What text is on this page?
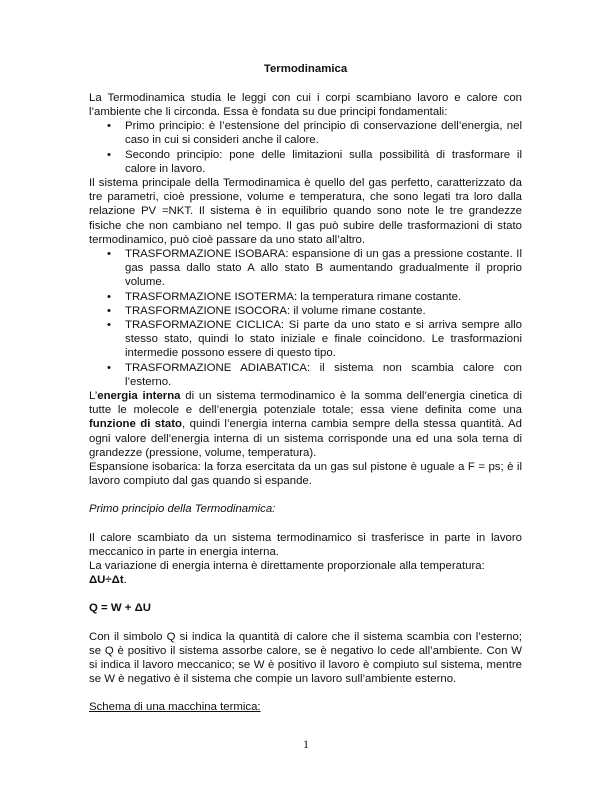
Termodinamica

La Termodinamica studia le leggi con cui i corpi scambiano lavoro e calore con l’ambiente che li circonda. Essa è fondata su due principi fondamentali:

• Primo principio: è l’estensione del principio di conservazione dell’energia, nel caso in cui si consideri anche il calore.
• Secondo principio: pone delle limitazioni sulla possibilità di trasformare il calore in lavoro.

Il sistema principale della Termodinamica è quello del gas perfetto, caratterizzato da tre parametri, cioè pressione, volume e temperatura, che sono legati tra loro dalla relazione PV =NKT. Il sistema è in equilibrio quando sono note le tre grandezze fisiche che non cambiano nel tempo. Il gas può subire delle trasformazioni di stato termodinamico, può cioè passare da uno stato all’altro.

• TRASFORMAZIONE ISOBARA: espansione di un gas a pressione costante. Il gas passa dallo stato A allo stato B aumentando gradualmente il proprio volume.
• TRASFORMAZIONE ISOTERMA: la temperatura rimane costante.
• TRASFORMAZIONE ISOCORA: il volume rimane costante.
• TRASFORMAZIONE CICLICA: Si parte da uno stato e si arriva sempre allo stesso stato, quindi lo stato iniziale e finale coincidono. Le trasformazioni intermedie possono essere di questo tipo.
• TRASFORMAZIONE ADIABATICA: il sistema non scambia calore con l’esterno.

L’energia interna di un sistema termodinamico è la somma dell’energia cinetica di tutte le molecole e dell’energia potenziale totale; essa viene definita come una funzione di stato, quindi l’energia interna cambia sempre della stessa quantità. Ad ogni valore dell’energia interna di un sistema corrisponde una ed una sola terna di grandezze (pressione, volume, temperatura).

Espansione isobarica: la forza esercitata da un gas sul pistone è uguale a F = ps; è il lavoro compiuto dal gas quando si espande.

Primo principio della Termodinamica:

Il calore scambiato da un sistema termodinamico si trasferisce in parte in lavoro meccanico in parte in energia interna.

La variazione di energia interna è direttamente proporzionale alla temperatura:
ΔU÷Δt.

Q = W + ΔU

Con il simbolo Q si indica la quantità di calore che il sistema scambia con l’esterno; se Q è positivo il sistema assorbe calore, se è negativo lo cede all’ambiente. Con W si indica il lavoro meccanico; se W è positivo il lavoro è compiuto sul sistema, mentre se W è negativo è il sistema che compie un lavoro sull’ambiente esterno.

Schema di una macchina termica:

1
